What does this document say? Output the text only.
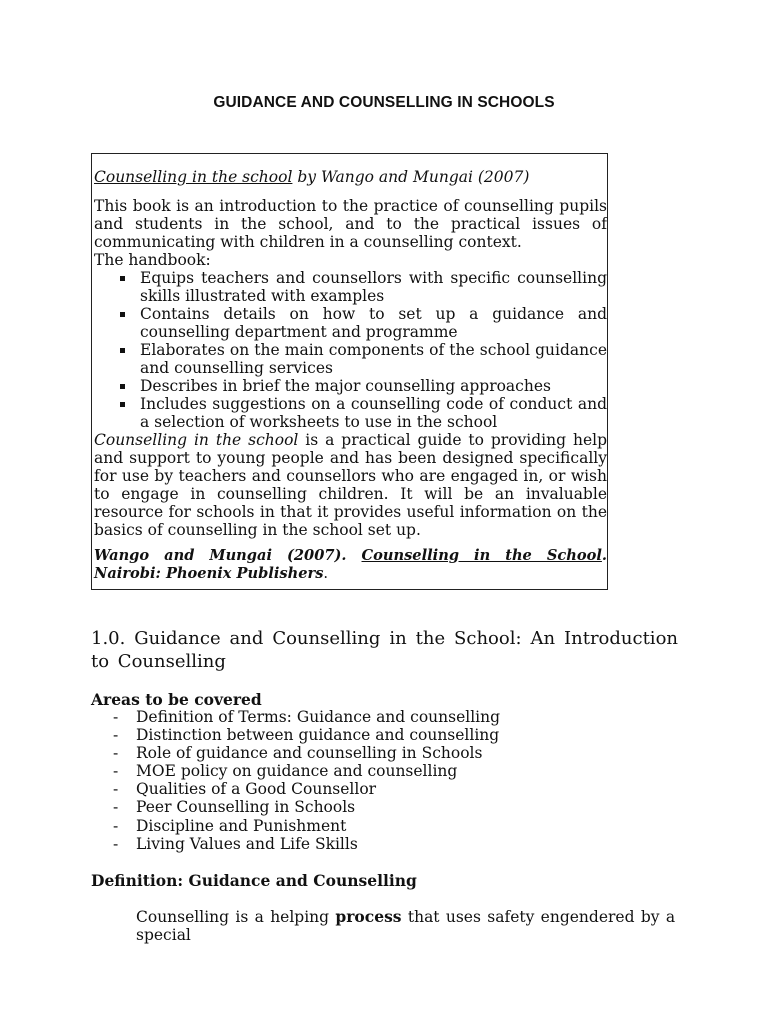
GUIDANCE AND COUNSELLING IN SCHOOLS

Counselling in the school by Wango and Mungai (2007)

This book is an introduction to the practice of counselling pupils and students in the school, and to the practical issues of communicating with children in a counselling context.

The handbook:

Equips teachers and counsellors with specific counselling skills illustrated with examples
Contains details on how to set up a guidance and counselling department and programme
Elaborates on the main components of the school guidance and counselling services
Describes in brief the major counselling approaches
Includes suggestions on a counselling code of conduct and a selection of worksheets to use in the school

Counselling in the school is a practical guide to providing help and support to young people and has been designed specifically for use by teachers and counsellors who are engaged in, or wish to engage in counselling children. It will be an invaluable resource for schools in that it provides useful information on the basics of counselling in the school set up.

Wango and Mungai (2007). Counselling in the School. Nairobi: Phoenix Publishers.

1.0. Guidance and Counselling in the School: An Introduction to Counselling
Areas to be covered
- Definition of Terms: Guidance and counselling
- Distinction between guidance and counselling
- Role of guidance and counselling in Schools
- MOE policy on guidance and counselling
- Qualities of a Good Counsellor
- Peer Counselling in Schools
- Discipline and Punishment
- Living Values and Life Skills
Definition: Guidance and Counselling
Counselling is a helping process that uses safety engendered by a special
